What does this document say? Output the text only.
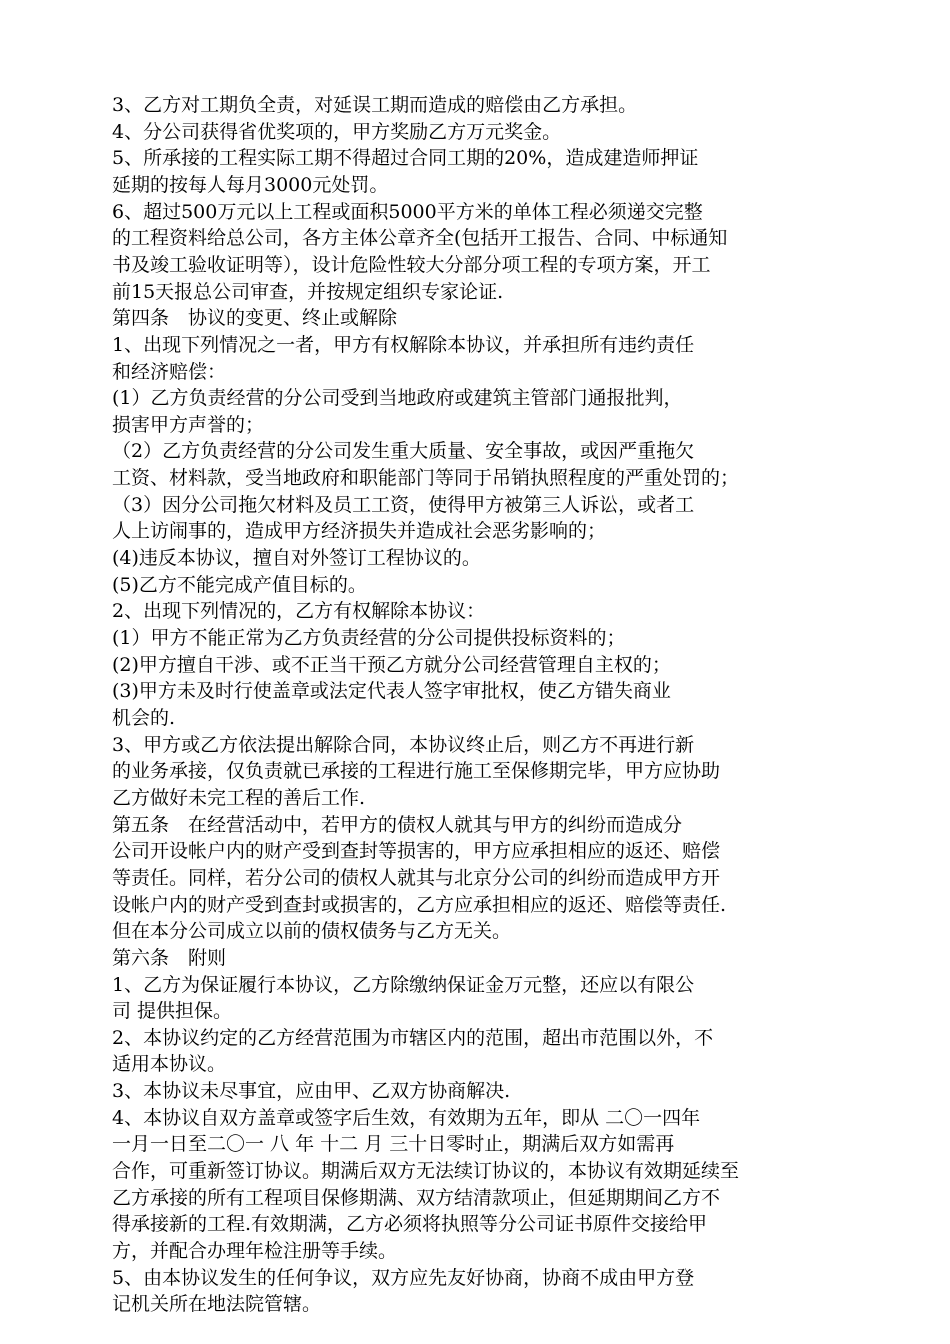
3、乙方对工期负全责，对延误工期而造成的赔偿由乙方承担。
4、分公司获得省优奖项的，甲方奖励乙方万元奖金。
5、所承接的工程实际工期不得超过合同工期的20%，造成建造师押证
延期的按每人每月3000元处罚。
6、超过500万元以上工程或面积5000平方米的单体工程必须递交完整
的工程资料给总公司，各方主体公章齐全(包括开工报告、合同、中标通知
书及竣工验收证明等），设计危险性较大分部分项工程的专项方案，开工
前15天报总公司审查，并按规定组织专家论证.
第四条　协议的变更、终止或解除
1、出现下列情况之一者，甲方有权解除本协议，并承担所有违约责任
和经济赔偿：
(1）乙方负责经营的分公司受到当地政府或建筑主管部门通报批判，
损害甲方声誉的；
（2）乙方负责经营的分公司发生重大质量、安全事故，或因严重拖欠
工资、材料款，受当地政府和职能部门等同于吊销执照程度的严重处罚的；
（3）因分公司拖欠材料及员工工资，使得甲方被第三人诉讼，或者工
人上访闹事的，造成甲方经济损失并造成社会恶劣影响的；
(4)违反本协议，擅自对外签订工程协议的。
(5)乙方不能完成产值目标的。
2、出现下列情况的，乙方有权解除本协议：
(1）甲方不能正常为乙方负责经营的分公司提供投标资料的；
(2)甲方擅自干涉、或不正当干预乙方就分公司经营管理自主权的；
(3)甲方未及时行使盖章或法定代表人签字审批权，使乙方错失商业
机会的.
3、甲方或乙方依法提出解除合同，本协议终止后，则乙方不再进行新
的业务承接，仅负责就已承接的工程进行施工至保修期完毕，甲方应协助
乙方做好未完工程的善后工作.
第五条　在经营活动中，若甲方的债权人就其与甲方的纠纷而造成分
公司开设帐户内的财产受到查封等损害的，甲方应承担相应的返还、赔偿
等责任。同样，若分公司的债权人就其与北京分公司的纠纷而造成甲方开
设帐户内的财产受到查封或损害的，乙方应承担相应的返还、赔偿等责任.
但在本分公司成立以前的债权债务与乙方无关。
第六条　附则
1、乙方为保证履行本协议，乙方除缴纳保证金万元整，还应以有限公
司 提供担保。
2、本协议约定的乙方经营范围为市辖区内的范围，超出市范围以外，不
适用本协议。
3、本协议未尽事宜，应由甲、乙双方协商解决.
4、本协议自双方盖章或签字后生效，有效期为五年，即从 二〇一四年
一月一日至二〇一 八 年 十二 月 三十日零时止，期满后双方如需再
合作，可重新签订协议。期满后双方无法续订协议的，本协议有效期延续至
乙方承接的所有工程项目保修期满、双方结清款项止，但延期期间乙方不
得承接新的工程.有效期满，乙方必须将执照等分公司证书原件交接给甲
方，并配合办理年检注册等手续。
5、由本协议发生的任何争议，双方应先友好协商，协商不成由甲方登
记机关所在地法院管辖。
